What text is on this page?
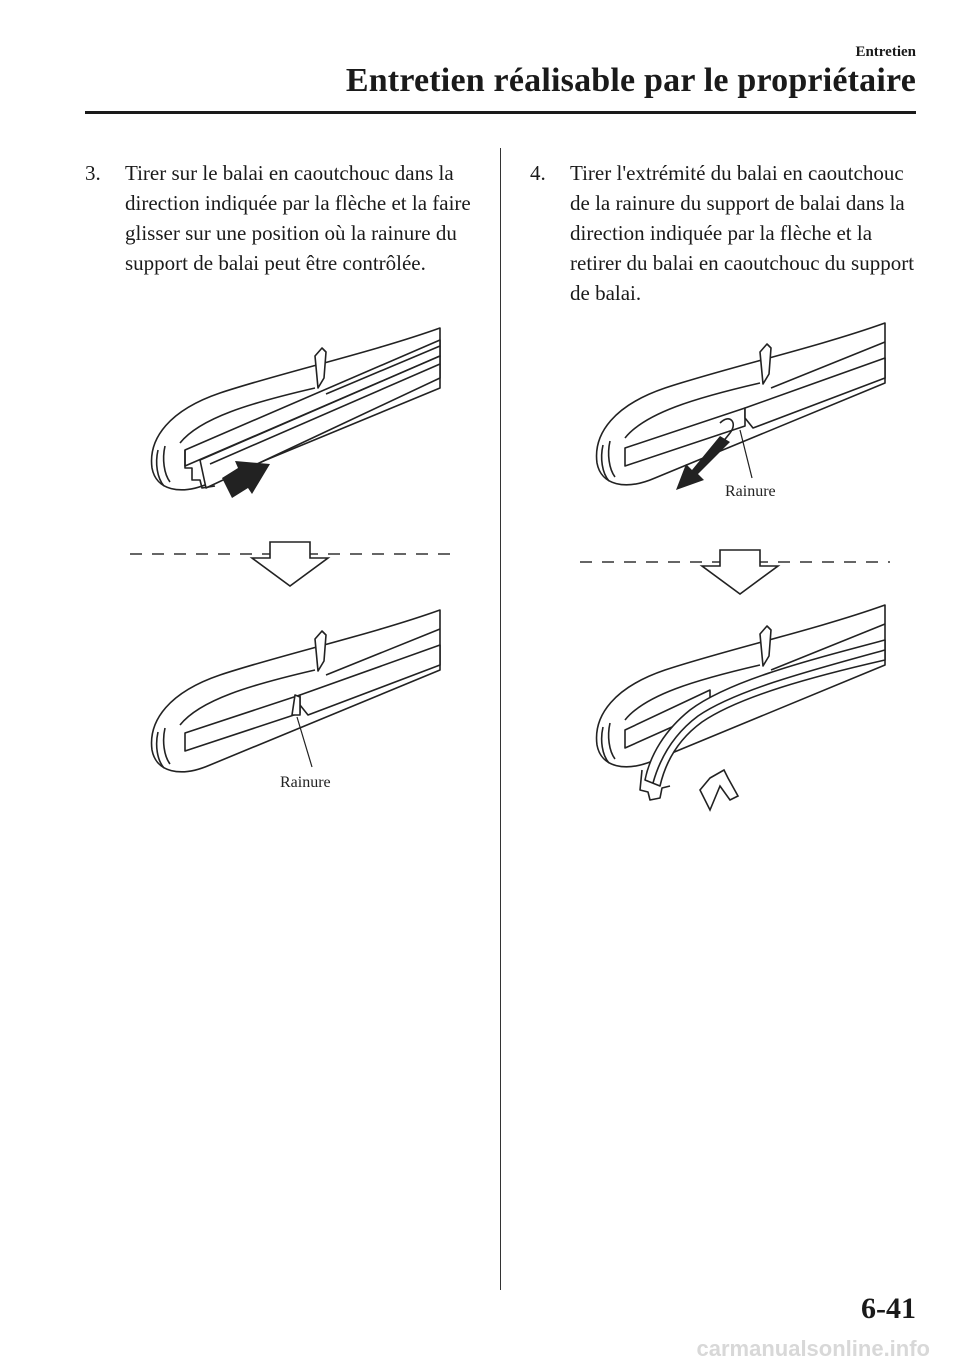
Entretien
Entretien réalisable par le propriétaire
3. Tirer sur le balai en caoutchouc dans la direction indiquée par la flèche et la faire glisser sur une position où la rainure du support de balai peut être contrôlée.
4. Tirer l'extrémité du balai en caoutchouc de la rainure du support de balai dans la direction indiquée par la flèche et la retirer du balai en caoutchouc du support de balai.
Rainure
Rainure
6-41
carmanualsonline.info
